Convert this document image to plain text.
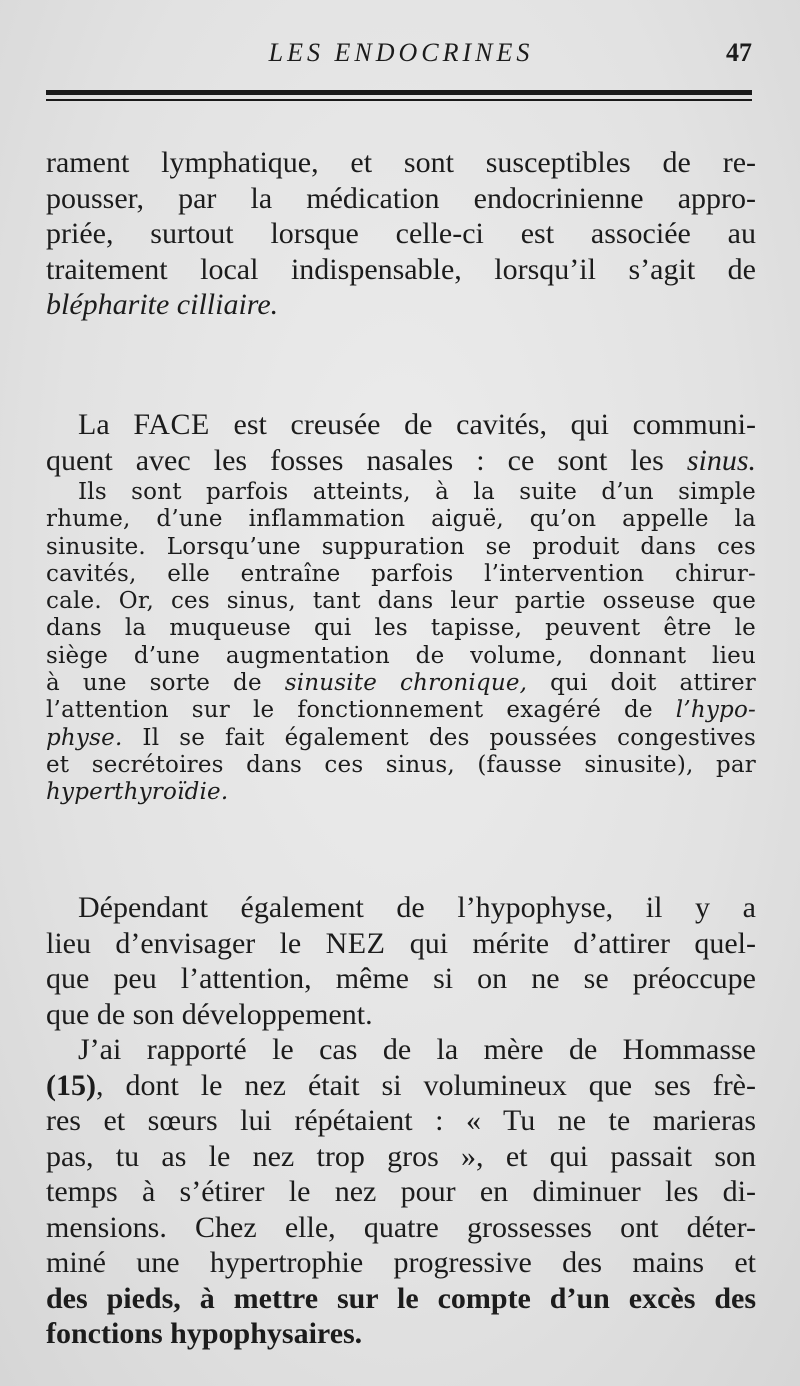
LES ENDOCRINES	47
rament lymphatique, et sont susceptibles de re-
pousser, par la médication endocrinienne appro-
priée, surtout lorsque celle-ci est associée au
traitement local indispensable, lorsqu’il s’agit de
blépharite cilliaire.
La FACE est creusée de cavités, qui communi-
quent avec les fosses nasales : ce sont les sinus.
Ils sont parfois atteints, à la suite d’un simple
rhume, d’une inflammation aiguë, qu’on appelle la
sinusite. Lorsqu’une suppuration se produit dans ces
cavités, elle entraîne parfois l’intervention chirur-
cale. Or, ces sinus, tant dans leur partie osseuse que
dans la muqueuse qui les tapisse, peuvent être le
siège d’une augmentation de volume, donnant lieu
à une sorte de sinusite chronique, qui doit attirer
l’attention sur le fonctionnement exagéré de l’hypo-
physe. Il se fait également des poussées congestives
et secrétoires dans ces sinus, (fausse sinusite), par
hyperthyroïdie.
Dépendant également de l’hypophyse, il y a
lieu d’envisager le NEZ qui mérite d’attirer quel-
que peu l’attention, même si on ne se préoccupe
que de son développement.
J’ai rapporté le cas de la mère de Hommasse
(15), dont le nez était si volumineux que ses frè-
res et sœurs lui répétaient : « Tu ne te marieras
pas, tu as le nez trop gros », et qui passait son
temps à s’étirer le nez pour en diminuer les di-
mensions. Chez elle, quatre grossesses ont déter-
miné une hypertrophie progressive des mains et
des pieds, à mettre sur le compte d’un excès des
fonctions hypophysaires.
